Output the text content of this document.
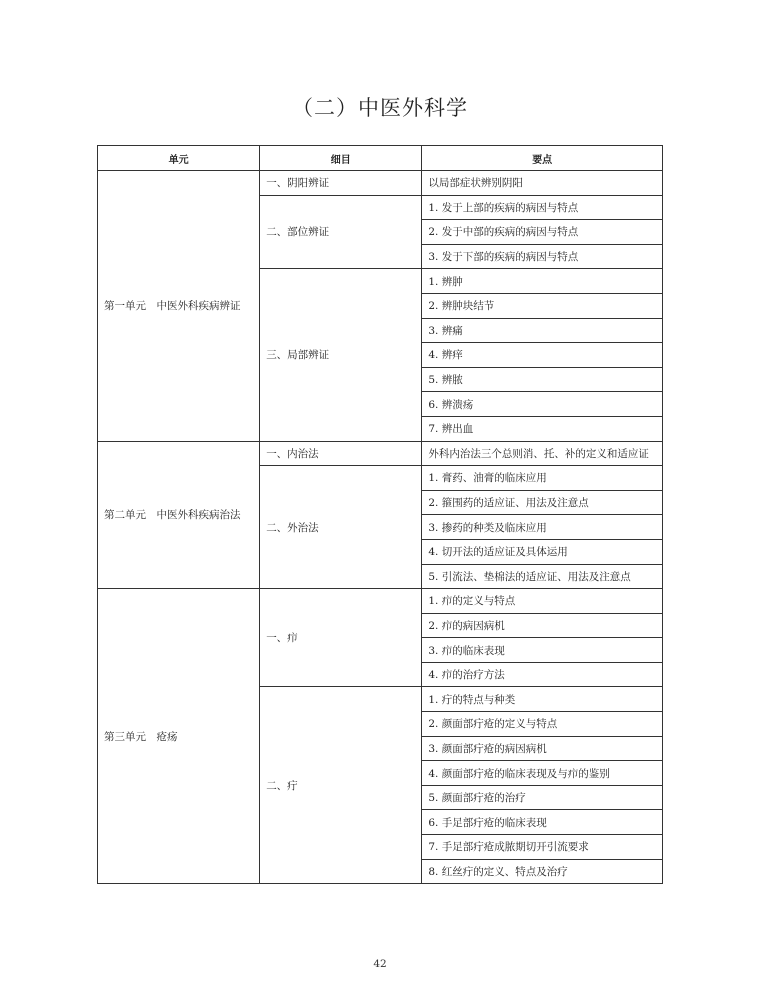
（二）中医外科学
单元	细目	要点
第一单元　中医外科疾病辨证	一、阴阳辨证	以局部症状辨别阴阳
	二、部位辨证	1. 发于上部的疾病的病因与特点
		2. 发于中部的疾病的病因与特点
		3. 发于下部的疾病的病因与特点
	三、局部辨证	1. 辨肿
		2. 辨肿块结节
		3. 辨痛
		4. 辨痒
		5. 辨脓
		6. 辨溃疡
		7. 辨出血
第二单元　中医外科疾病治法	一、内治法	外科内治法三个总则消、托、补的定义和适应证
	二、外治法	1. 膏药、油膏的临床应用
		2. 箍围药的适应证、用法及注意点
		3. 掺药的种类及临床应用
		4. 切开法的适应证及具体运用
		5. 引流法、垫棉法的适应证、用法及注意点
第三单元　疮疡	一、疖	1. 疖的定义与特点
		2. 疖的病因病机
		3. 疖的临床表现
		4. 疖的治疗方法
	二、疔	1. 疔的特点与种类
		2. 颜面部疔疮的定义与特点
		3. 颜面部疔疮的病因病机
		4. 颜面部疔疮的临床表现及与疖的鉴别
		5. 颜面部疔疮的治疗
		6. 手足部疔疮的临床表现
		7. 手足部疔疮成脓期切开引流要求
		8. 红丝疔的定义、特点及治疗
42
